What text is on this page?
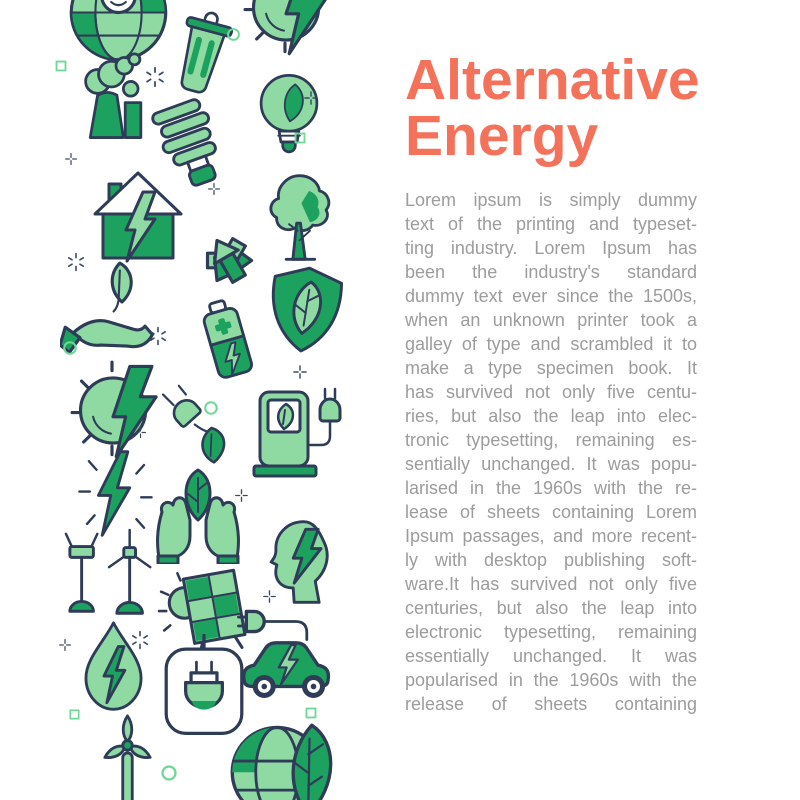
Alternative
Energy
Lorem ipsum is simply dummy
text of the printing and typeset-
ting industry. Lorem Ipsum has
been the industry's standard
dummy text ever since the 1500s,
when an unknown printer took a
galley of type and scrambled it to
make a type specimen book. It
has survived not only five centu-
ries, but also the leap into elec-
tronic typesetting, remaining es-
sentially unchanged. It was popu-
larised in the 1960s with the re-
lease of sheets containing Lorem
Ipsum passages, and more recent-
ly with desktop publishing soft-
ware.It has survived not only five
centuries, but also the leap into
electronic typesetting, remaining
essentially unchanged. It was
popularised in the 1960s with the
release of sheets containing
